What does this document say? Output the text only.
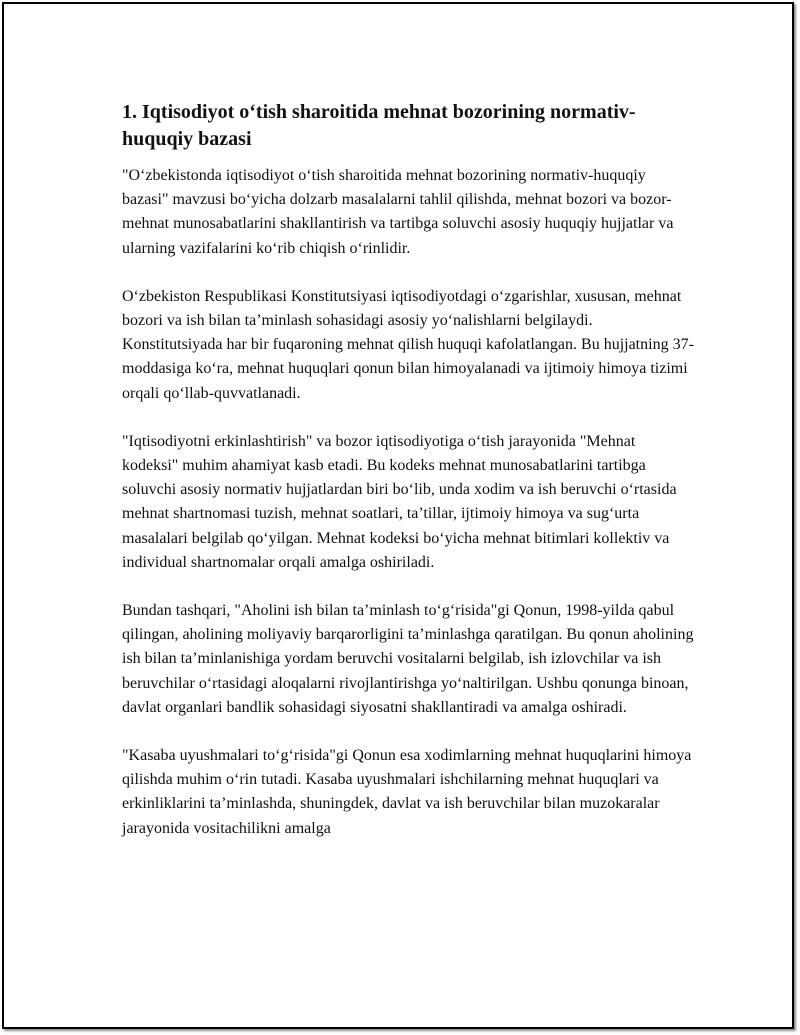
1. Iqtisodiyot o‘tish sharoitida mehnat bozorining normativ-huquqiy bazasi

"O‘zbekistonda iqtisodiyot o‘tish sharoitida mehnat bozorining normativ-huquqiy bazasi" mavzusi bo‘yicha dolzarb masalalarni tahlil qilishda, mehnat bozori va bozor-mehnat munosabatlarini shakllantirish va tartibga soluvchi asosiy huquqiy hujjatlar va ularning vazifalarini ko‘rib chiqish o‘rinlidir.

O‘zbekiston Respublikasi Konstitutsiyasi iqtisodiyotdagi o‘zgarishlar, xususan, mehnat bozori va ish bilan ta’minlash sohasidagi asosiy yo‘nalishlarni belgilaydi. Konstitutsiyada har bir fuqaroning mehnat qilish huquqi kafolatlangan. Bu hujjatning 37-moddasiga ko‘ra, mehnat huquqlari qonun bilan himoyalanadi va ijtimoiy himoya tizimi orqali qo‘llab-quvvatlanadi.

"Iqtisodiyotni erkinlashtirish" va bozor iqtisodiyotiga o‘tish jarayonida "Mehnat kodeksi" muhim ahamiyat kasb etadi. Bu kodeks mehnat munosabatlarini tartibga soluvchi asosiy normativ hujjatlardan biri bo‘lib, unda xodim va ish beruvchi o‘rtasida mehnat shartnomasi tuzish, mehnat soatlari, ta’tillar, ijtimoiy himoya va sug‘urta masalalari belgilab qo‘yilgan. Mehnat kodeksi bo‘yicha mehnat bitimlari kollektiv va individual shartnomalar orqali amalga oshiriladi.

Bundan tashqari, "Aholini ish bilan ta’minlash to‘g‘risida"gi Qonun, 1998-yilda qabul qilingan, aholining moliyaviy barqarorligini ta’minlashga qaratilgan. Bu qonun aholining ish bilan ta’minlanishiga yordam beruvchi vositalarni belgilab, ish izlovchilar va ish beruvchilar o‘rtasidagi aloqalarni rivojlantirishga yo‘naltirilgan. Ushbu qonunga binoan, davlat organlari bandlik sohasidagi siyosatni shakllantiradi va amalga oshiradi.

"Kasaba uyushmalari to‘g‘risida"gi Qonun esa xodimlarning mehnat huquqlarini himoya qilishda muhim o‘rin tutadi. Kasaba uyushmalari ishchilarning mehnat huquqlari va erkinliklarini ta’minlashda, shuningdek, davlat va ish beruvchilar bilan muzokaralar jarayonida vositachilikni amalga
